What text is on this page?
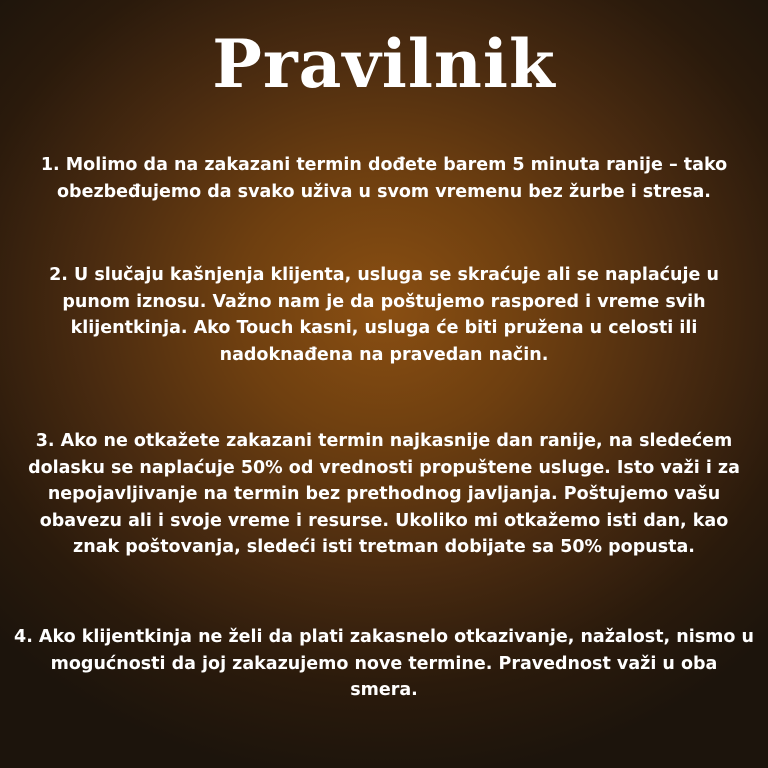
Pravilnik

1. Molimo da na zakazani termin dođete barem 5 minuta ranije – tako obezbeđujemo da svako uživa u svom vremenu bez žurbe i stresa.

2. U slučaju kašnjenja klijenta, usluga se skraćuje ali se naplaćuje u punom iznosu. Važno nam je da poštujemo raspored i vreme svih klijentkinja. Ako Touch kasni, usluga će biti pružena u celosti ili nadoknađena na pravedan način.

3. Ako ne otkažete zakazani termin najkasnije dan ranije, na sledećem dolasku se naplaćuje 50% od vrednosti propuštene usluge. Isto važi i za nepojavljivanje na termin bez prethodnog javljanja. Poštujemo vašu obavezu ali i svoje vreme i resurse. Ukoliko mi otkažemo isti dan, kao znak poštovanja, sledeći isti tretman dobijate sa 50% popusta.

4. Ako klijentkinja ne želi da plati zakasnelo otkazivanje, nažalost, nismo u mogućnosti da joj zakazujemo nove termine. Pravednost važi u oba smera.
